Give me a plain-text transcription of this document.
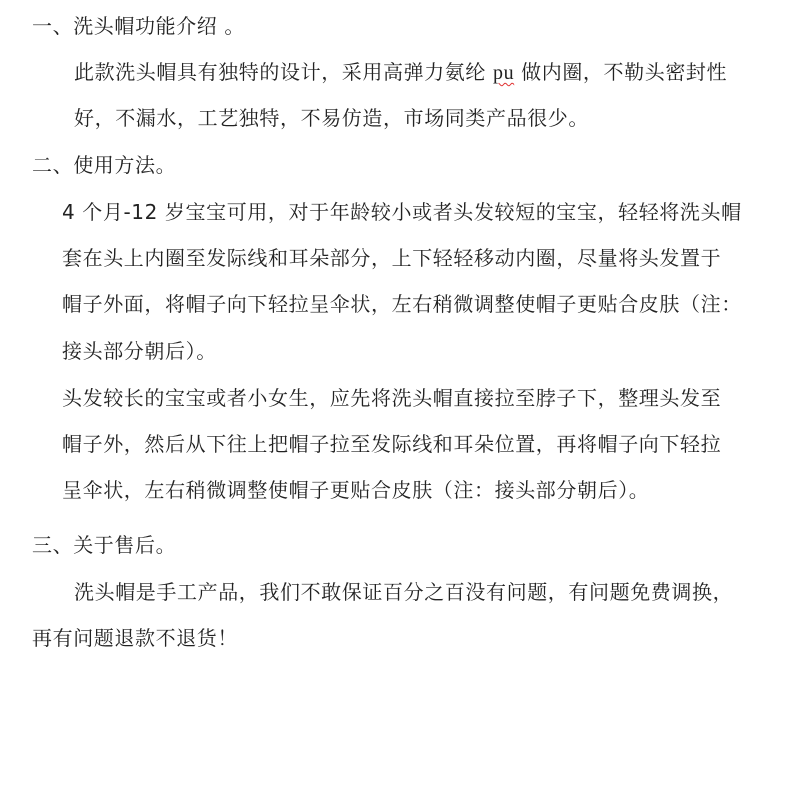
一、洗头帽功能介绍 。
此款洗头帽具有独特的设计，采用高弹力氨纶 pu 做内圈，不勒头密封性
好，不漏水，工艺独特，不易仿造，市场同类产品很少。
二、使用方法。
4 个月-12 岁宝宝可用，对于年龄较小或者头发较短的宝宝，轻轻将洗头帽
套在头上内圈至发际线和耳朵部分，上下轻轻移动内圈，尽量将头发置于
帽子外面，将帽子向下轻拉呈伞状，左右稍微调整使帽子更贴合皮肤（注：
接头部分朝后）。
头发较长的宝宝或者小女生，应先将洗头帽直接拉至脖子下，整理头发至
帽子外，然后从下往上把帽子拉至发际线和耳朵位置，再将帽子向下轻拉
呈伞状，左右稍微调整使帽子更贴合皮肤（注：接头部分朝后）。
三、关于售后。
洗头帽是手工产品，我们不敢保证百分之百没有问题，有问题免费调换，
再有问题退款不退货！
